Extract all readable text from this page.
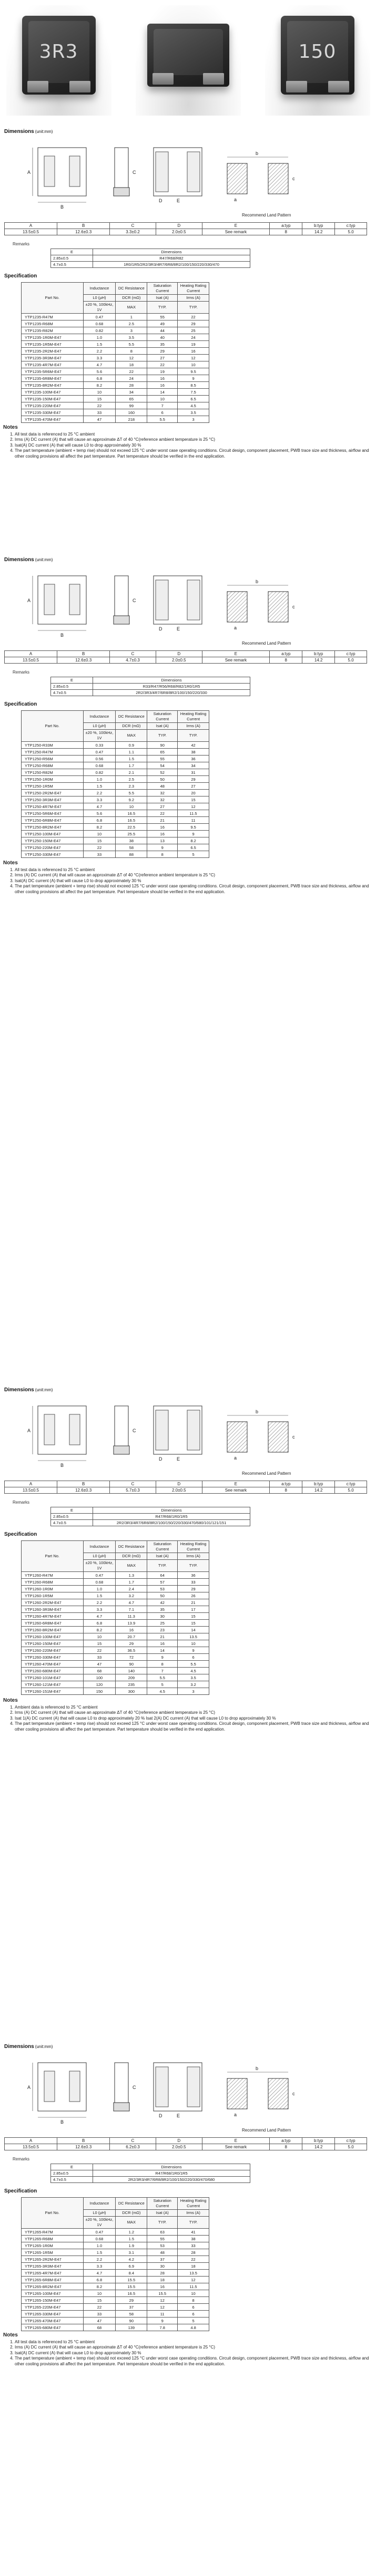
3R3	150
Dimensions (unit:mm)
A
B
C
D	E
b
a
c
Recommend Land Pattern
A	B	C	D	E	a:typ	b:typ	c:typ
13.5±0.5	12.6±0.3	3.3±0.2	2.0±0.5	See remark	8	14.2	5.0
Remarks
E	Dimensions
2.85±0.5	R47/R68/R82
4.7±0.5	1R0/1R5/2R2/3R3/4R7/6R8/8R2/100/150/220/330/470
Specification
Part No.	Inductance	DC Resistance	Saturation Current	Heating Rating Current
	L0 (µH)	DCR (mΩ)	Isat (A)	Irms (A)
	±20 %, 100kHz, 1V	MAX	TYP.	TYP.
YTP1235-R47M	0.47	1	55	22
YTP1235-R68M	0.68	2.5	49	29
YTP1235-R82M	0.82	3	44	25
YTP1235-1R0M-E47	1.0	3.5	40	24
YTP1235-1R5M-E47	1.5	5.5	35	19
YTP1235-2R2M-E47	2.2	8	29	16
YTP1235-3R3M-E47	3.3	12	27	12
YTP1235-4R7M-E47	4.7	18	22	10
YTP1235-5R6M-E47	5.6	22	19	9.5
YTP1235-6R8M-E47	6.8	24	16	9
YTP1235-8R2M-E47	8.2	28	16	8.5
YTP1235-100M-E47	10	34	14	7.5
YTP1235-150M-E47	15	65	10	6.5
YTP1235-220M-E47	22	99	7	4.5
YTP1235-330M-E47	33	160	6	3.5
YTP1235-470M-E47	47	218	5.5	3
Notes
1. All test data is referenced to 25 °C ambient
2. Irms (A) DC current (A) that will cause an approximate ΔT of 40 °C(reference ambient temperature is 25 °C)
3. Isat(A) DC current (A) that will cause L0 to drop approximately 30 %
4. The part temperature (ambient + temp rise) should not exceed 125 °C under worst case operating conditions. Circuit design, component placement, PWB trace size and thickness, airflow and other cooling provisions all affect the part temperature. Part temperature should be verified in the end application.
Dimensions (unit:mm)
A
B
C
D	E
b
a
c
Recommend Land Pattern
A	B	C	D	E	a:typ	b:typ	c:typ
13.5±0.5	12.6±0.3	4.7±0.3	2.0±0.5	See remark	8	14.2	5.0
Remarks
E	Dimensions
2.85±0.5	R33/R47/R56/R68/R82/1R0/1R5
4.7±0.5	2R2/3R3/4R7/6R8/8R2/100/150/220/330
Specification
Part No.	Inductance	DC Resistance	Saturation Current	Heating Rating Current
	L0 (µH)	DCR (mΩ)	Isat (A)	Irms (A)
	±20 %, 100kHz, 1V	MAX	TYP.	TYP.
YTP1250-R33M	0.33	0.9	90	42
YTP1250-R47M	0.47	1.1	65	38
YTP1250-R56M	0.56	1.5	55	36
YTP1250-R68M	0.68	1.7	54	34
YTP1250-R82M	0.82	2.1	52	31
YTP1250-1R0M	1.0	2.5	50	29
YTP1250-1R5M	1.5	2.3	48	27
YTP1250-2R2M-E47	2.2	5.5	32	20
YTP1250-3R3M-E47	3.3	9.2	32	15
YTP1250-4R7M-E47	4.7	10	27	12
YTP1250-5R6M-E47	5.6	16.5	22	11.5
YTP1250-6R8M-E47	6.8	16.5	21	11
YTP1250-8R2M-E47	8.2	22.5	16	9.5
YTP1250-100M-E47	10	25.5	16	9
YTP1250-150M-E47	15	38	13	8.2
YTP1250-220M-E47	22	58	9	6.5
YTP1250-330M-E47	33	88	8	5
Notes
1. All test data is referenced to 25 °C ambient
2. Irms (A) DC current (A) that will cause an approximate ΔT of 40 °C(reference ambient temperature is 25 °C)
3. Isat(A) DC current (A) that will cause L0 to drop approximately 30 %
4. The part temperature (ambient + temp rise) should not exceed 125 °C under worst case operating conditions. Circuit design, component placement, PWB trace size and thickness, airflow and other cooling provisions all affect the part temperature. Part temperature should be verified in the end application.
Dimensions (unit:mm)
A
B
C
D	E
b
a
c
Recommend Land Pattern
A	B	C	D	E	a:typ	b:typ	c:typ
13.5±0.5	12.6±0.3	5.7±0.3	2.0±0.5	See remark	8	14.2	5.0
Remarks
E	Dimensions
2.85±0.5	R47/R68/1R0/1R5
4.7±0.5	2R2/3R3/4R7/6R8/8R2/100/150/220/330/470/680/101/121/151
Specification
Part No.	Inductance	DC Resistance	Saturation Current	Heating Rating Current
	L0 (µH)	DCR (mΩ)	Isat (A)	Irms (A)
	±20 %, 100kHz, 1V	MAX	TYP.	TYP.
YTP1260-R47M	0.47	1.3	64	36
YTP1260-R68M	0.68	1.7	57	33
YTP1260-1R0M	1.0	2.4	53	29
YTP1260-1R5M	1.5	3.2	50	26
YTP1260-2R2M-E47	2.2	4.7	42	21
YTP1260-3R3M-E47	3.3	7.1	35	17
YTP1260-4R7M-E47	4.7	11.3	30	15
YTP1260-6R8M-E47	6.8	13.9	25	15
YTP1260-8R2M-E47	8.2	16	23	14
YTP1260-100M-E47	10	20.7	21	13.5
YTP1260-150M-E47	15	29	16	10
YTP1260-220M-E47	22	36.5	14	9
YTP1260-330M-E47	33	72	9	6
YTP1260-470M-E47	47	90	8	5.5
YTP1260-680M-E47	68	140	7	4.5
YTP1260-101M-E47	100	209	5.5	3.5
YTP1260-121M-E47	120	235	5	3.2
YTP1260-151M-E47	150	300	4.5	3
Notes
1. Ambient data is referenced to 25 °C ambient
2. Irms (A) DC current (A) that will cause an approximate ΔT of 40 °C(reference ambient temperature is 25 °C)
3. Isat 1(A) DC current (A) that will cause L0 to drop approximately 20 % Isat 2(A) DC current (A) that will cause L0 to drop approximately 30 %
4. The part temperature (ambient + temp rise) should not exceed 125 °C under worst case operating conditions. Circuit design, component placement, PWB trace size and thickness, airflow and other cooling provisions all affect the part temperature. Part temperature should be verified in the end application.
Dimensions (unit:mm)
A
B
C
D	E
b
a
c
Recommend Land Pattern
A	B	C	D	E	a:typ	b:typ	c:typ
13.5±0.5	12.6±0.3	6.2±0.3	2.0±0.5	See remark	8	14.2	5.0
Remarks
E	Dimensions
2.85±0.5	R47/R68/1R0/1R5
4.7±0.5	2R2/3R3/4R7/6R8/8R2/100/150/220/330/470/680
Specification
Part No.	Inductance	DC Resistance	Saturation Current	Heating Rating Current
	L0 (µH)	DCR (mΩ)	Isat (A)	Irms (A)
	±20 %, 100kHz, 1V	MAX	TYP.	TYP.
YTP1265-R47M	0.47	1.2	63	41
YTP1265-R68M	0.68	1.5	55	38
YTP1265-1R0M	1.0	1.9	53	33
YTP1265-1R5M	1.5	3.1	48	28
YTP1265-2R2M-E47	2.2	4.2	37	22
YTP1265-3R3M-E47	3.3	6.9	30	18
YTP1265-4R7M-E47	4.7	8.4	28	13.5
YTP1265-6R8M-E47	6.8	15.5	18	12
YTP1265-8R2M-E47	8.2	15.5	16	11.5
YTP1265-100M-E47	10	16.5	15.5	10
YTP1265-150M-E47	15	29	12	8
YTP1265-220M-E47	22	37	12	6
YTP1265-330M-E47	33	58	11	6
YTP1265-470M-E47	47	90	9	5
YTP1265-680M-E47	68	139	7.8	4.8
Notes
1. All test data is referenced to 25 °C ambient
2. Irms (A) DC current (A) that will cause an approximate ΔT of 40 °C(reference ambient temperature is 25 °C)
3. Isat(A) DC current (A) that will cause L0 to drop approximately 30 %
4. The part temperature (ambient + temp rise) should not exceed 125 °C under worst case operating conditions. Circuit design, component placement, PWB trace size and thickness, airflow and other cooling provisions all affect the part temperature. Part temperature should be verified in the end application.
